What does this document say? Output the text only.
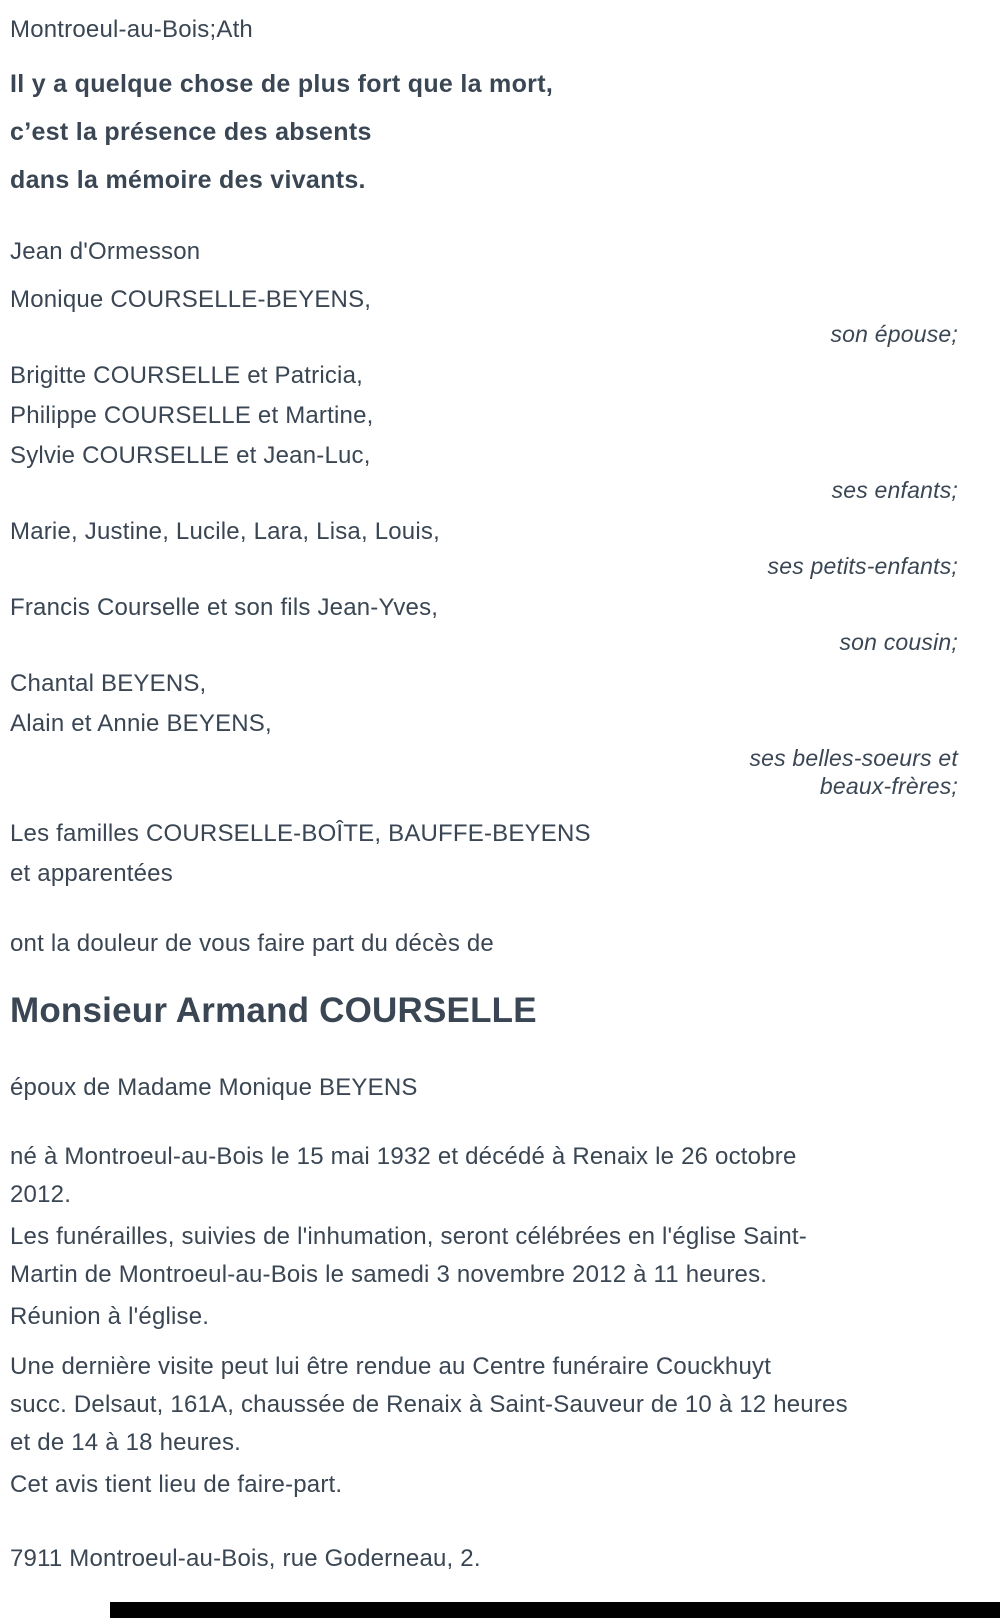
Montroeul-au-Bois;Ath

Il y a quelque chose de plus fort que la mort,

c’est la présence des absents

dans la mémoire des vivants.

Jean d'Ormesson

Monique COURSELLE-BEYENS,

son épouse;

Brigitte COURSELLE et Patricia,

Philippe COURSELLE et Martine,

Sylvie COURSELLE et Jean-Luc,

ses enfants;

Marie, Justine, Lucile, Lara, Lisa, Louis,

ses petits-enfants;

Francis Courselle et son fils Jean-Yves,

son cousin;

Chantal BEYENS,

Alain et Annie BEYENS,

ses belles-soeurs et

beaux-frères;

Les familles COURSELLE-BOÎTE, BAUFFE-BEYENS

et apparentées

ont la douleur de vous faire part du décès de

Monsieur Armand COURSELLE

époux de Madame Monique BEYENS

né à Montroeul-au-Bois le 15 mai 1932 et décédé à Renaix le 26 octobre

2012.

Les funérailles, suivies de l'inhumation, seront célébrées en l'église Saint-

Martin de Montroeul-au-Bois le samedi 3 novembre 2012 à 11 heures.

Réunion à l'église.

Une dernière visite peut lui être rendue au Centre funéraire Couckhuyt

succ. Delsaut, 161A, chaussée de Renaix à Saint-Sauveur de 10 à 12 heures

et de 14 à 18 heures.

Cet avis tient lieu de faire-part.

7911 Montroeul-au-Bois, rue Goderneau, 2.
